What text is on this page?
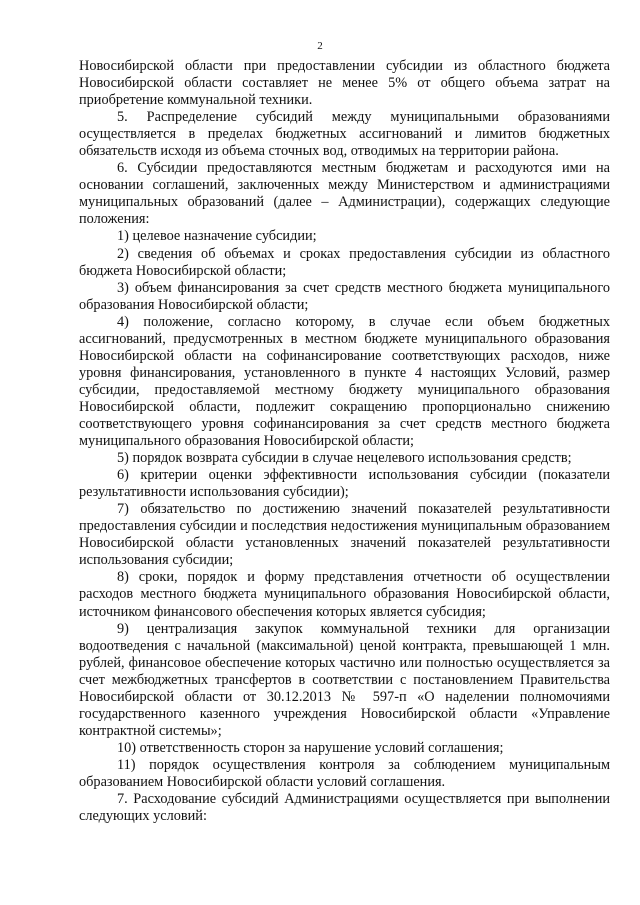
2

Новосибирской области при предоставлении субсидии из областного бюджета Новосибирской области составляет не менее 5% от общего объема затрат на приобретение коммунальной техники.

5. Распределение субсидий между муниципальными образованиями осуществляется в пределах бюджетных ассигнований и лимитов бюджетных обязательств исходя из объема сточных вод, отводимых на территории района.

6. Субсидии предоставляются местным бюджетам и расходуются ими на основании соглашений, заключенных между Министерством и администрациями муниципальных образований (далее – Администрации), содержащих следующие положения:

1) целевое назначение субсидии;

2) сведения об объемах и сроках предоставления субсидии из областного бюджета Новосибирской области;

3) объем финансирования за счет средств местного бюджета муниципального образования Новосибирской области;

4) положение, согласно которому, в случае если объем бюджетных ассигнований, предусмотренных в местном бюджете муниципального образования Новосибирской области на софинансирование соответствующих расходов, ниже уровня финансирования, установленного в пункте 4 настоящих Условий, размер субсидии, предоставляемой местному бюджету муниципального образования Новосибирской области, подлежит сокращению пропорционально снижению соответствующего уровня софинансирования за счет средств местного бюджета муниципального образования Новосибирской области;

5) порядок возврата субсидии в случае нецелевого использования средств;

6) критерии оценки эффективности использования субсидии (показатели результативности использования субсидии);

7) обязательство по достижению значений показателей результативности предоставления субсидии и последствия недостижения муниципальным образованием Новосибирской области установленных значений показателей результативности использования субсидии;

8) сроки, порядок и форму представления отчетности об осуществлении расходов местного бюджета муниципального образования Новосибирской области, источником финансового обеспечения которых является субсидия;

9) централизация закупок коммунальной техники для организации водоотведения с начальной (максимальной) ценой контракта, превышающей 1 млн. рублей, финансовое обеспечение которых частично или полностью осуществляется за счет межбюджетных трансфертов в соответствии с постановлением Правительства Новосибирской области от 30.12.2013 № 597-п «О наделении полномочиями государственного казенного учреждения Новосибирской области «Управление контрактной системы»;

10) ответственность сторон за нарушение условий соглашения;

11) порядок осуществления контроля за соблюдением муниципальным образованием Новосибирской области условий соглашения.

7. Расходование субсидий Администрациями осуществляется при выполнении следующих условий:
